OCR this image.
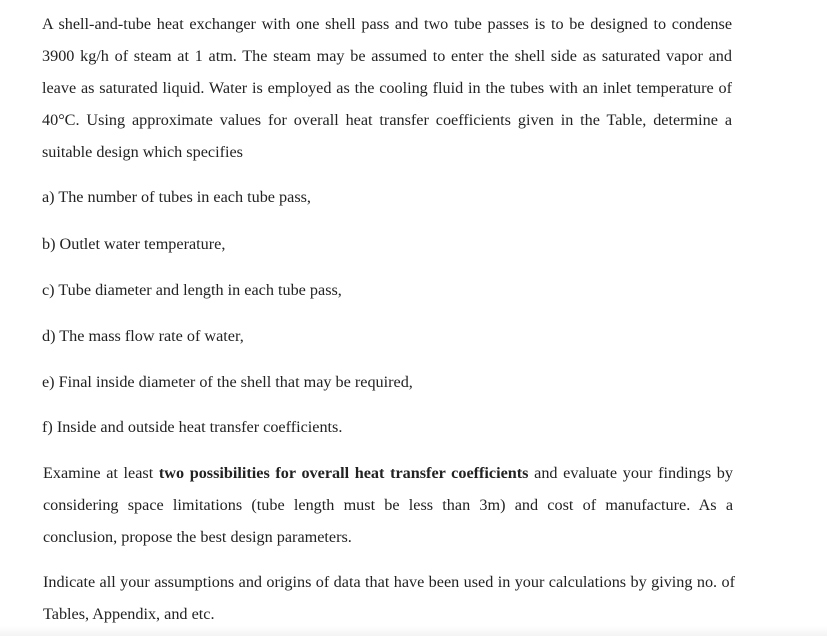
A shell-and-tube heat exchanger with one shell pass and two tube passes is to be designed to condense 3900 kg/h of steam at 1 atm. The steam may be assumed to enter the shell side as saturated vapor and leave as saturated liquid. Water is employed as the cooling fluid in the tubes with an inlet temperature of 40°C. Using approximate values for overall heat transfer coefficients given in the Table, determine a suitable design which specifies

a) The number of tubes in each tube pass,

b) Outlet water temperature,

c) Tube diameter and length in each tube pass,

d) The mass flow rate of water,

e) Final inside diameter of the shell that may be required,

f) Inside and outside heat transfer coefficients.

Examine at least two possibilities for overall heat transfer coefficients and evaluate your findings by considering space limitations (tube length must be less than 3m) and cost of manufacture. As a conclusion, propose the best design parameters.

Indicate all your assumptions and origins of data that have been used in your calculations by giving no. of Tables, Appendix, and etc.
